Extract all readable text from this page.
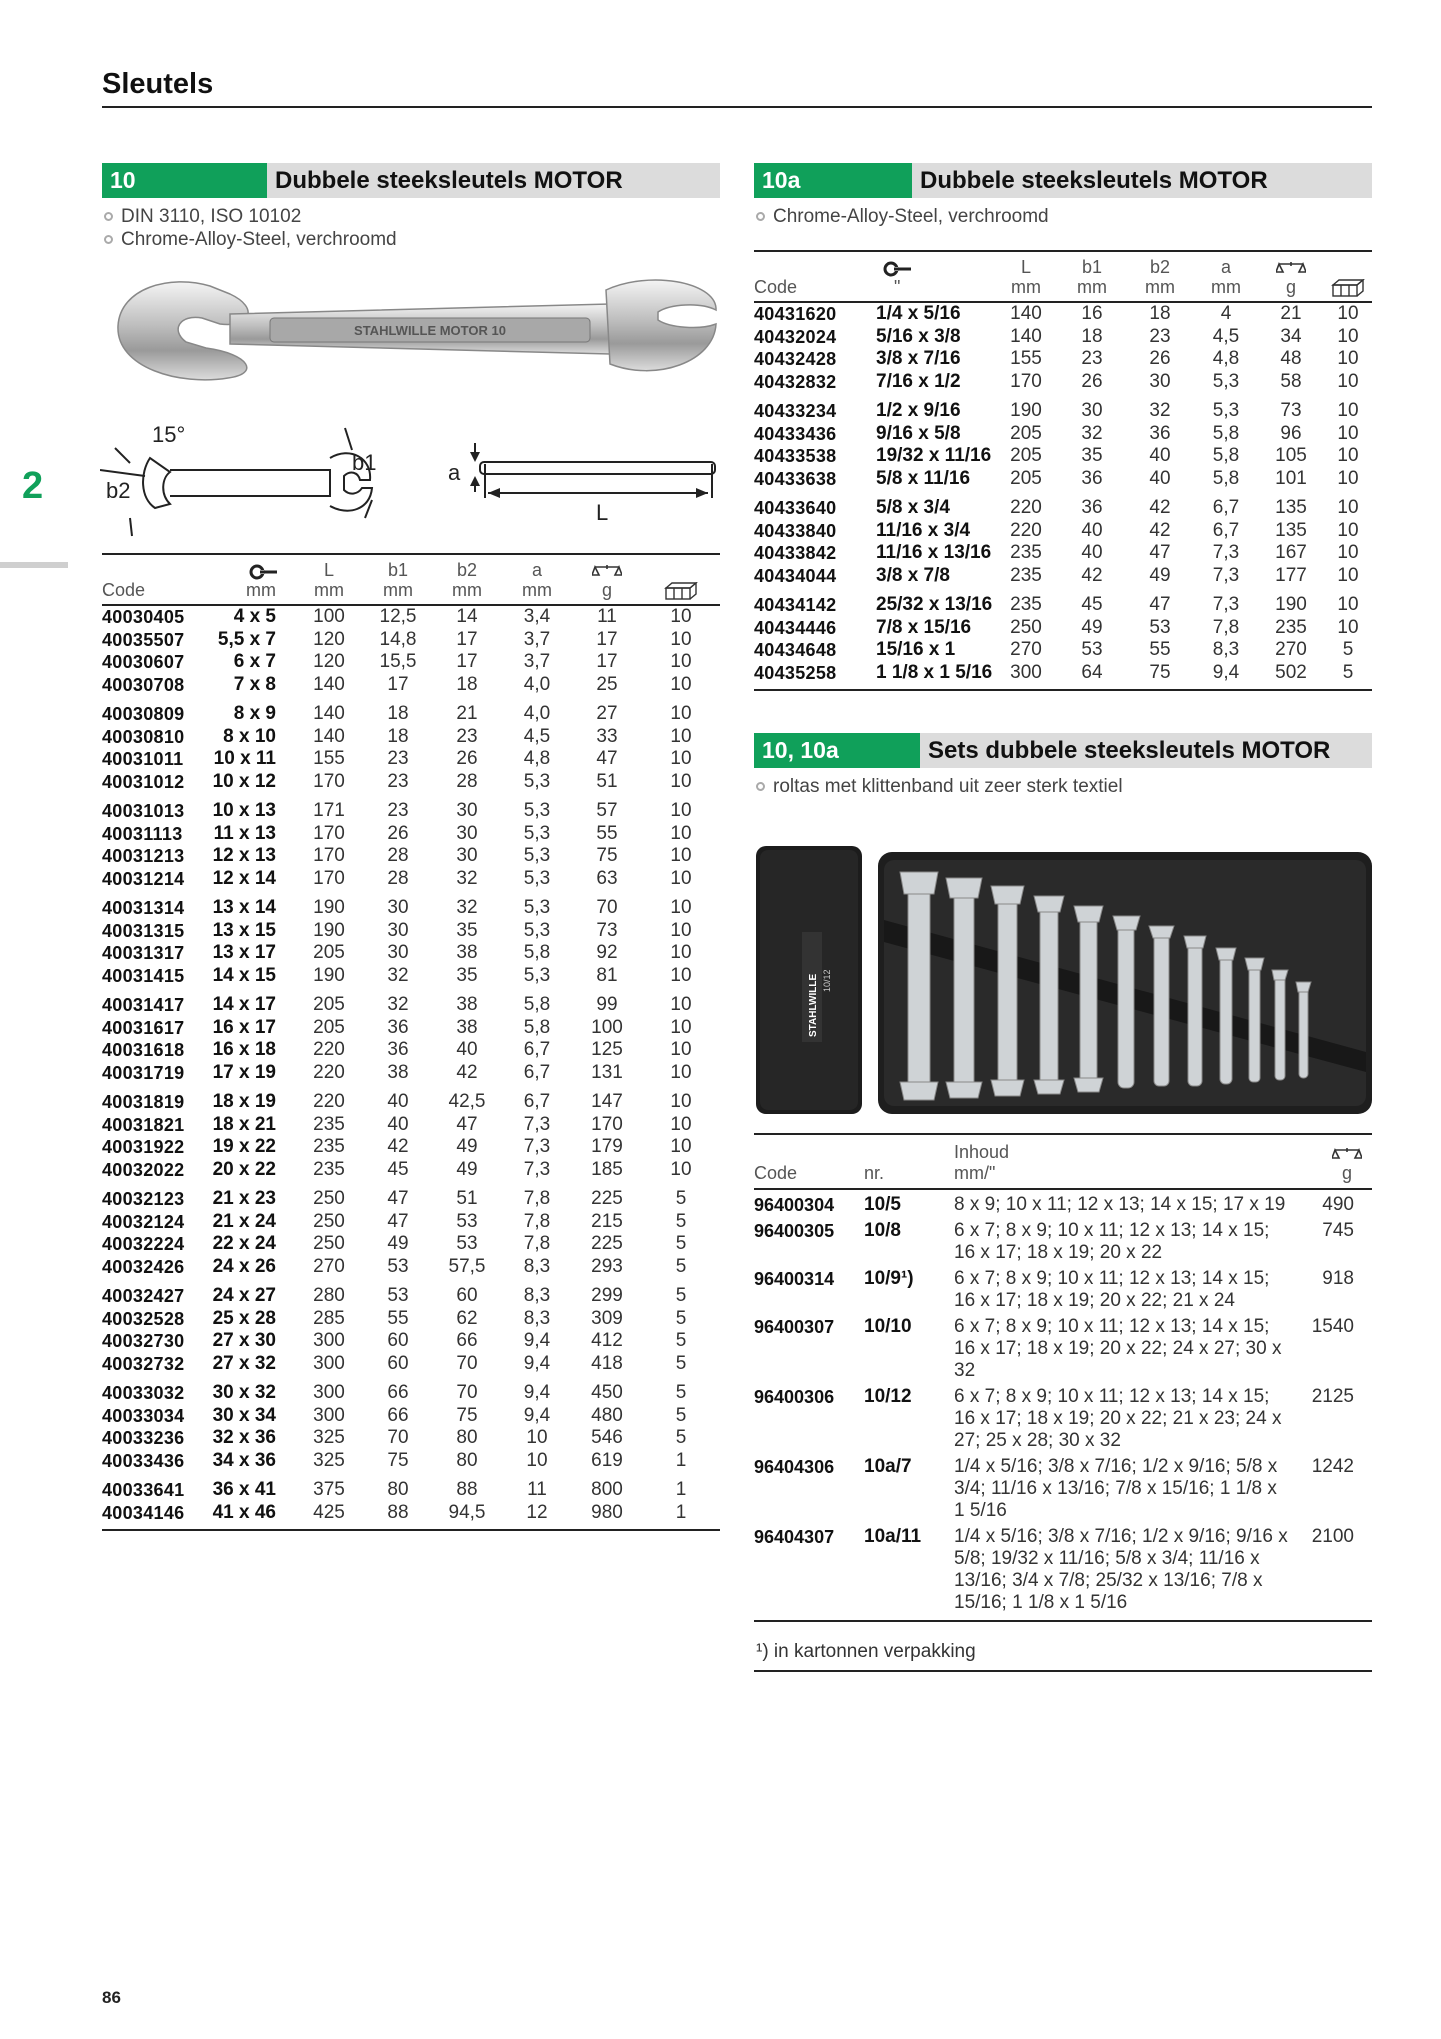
Sleutels
2
10	Dubbele steeksleutels MOTOR
DIN 3110, ISO 10102
Chrome-Alloy-Steel, verchroomd
STAHLWILLE MOTOR 10
15°
b2
b1	a
L
		L	b1	b2	a		
Code	mm	mm	mm	mm	mm	g	
40030405	4 x 5	100	12,5	14	3,4	11	10
40035507	5,5 x 7	120	14,8	17	3,7	17	10
40030607	6 x 7	120	15,5	17	3,7	17	10
40030708	7 x 8	140	17	18	4,0	25	10
40030809	8 x 9	140	18	21	4,0	27	10
40030810	8 x 10	140	18	23	4,5	33	10
40031011	10 x 11	155	23	26	4,8	47	10
40031012	10 x 12	170	23	28	5,3	51	10
40031013	10 x 13	171	23	30	5,3	57	10
40031113	11 x 13	170	26	30	5,3	55	10
40031213	12 x 13	170	28	30	5,3	75	10
40031214	12 x 14	170	28	32	5,3	63	10
40031314	13 x 14	190	30	32	5,3	70	10
40031315	13 x 15	190	30	35	5,3	73	10
40031317	13 x 17	205	30	38	5,8	92	10
40031415	14 x 15	190	32	35	5,3	81	10
40031417	14 x 17	205	32	38	5,8	99	10
40031617	16 x 17	205	36	38	5,8	100	10
40031618	16 x 18	220	36	40	6,7	125	10
40031719	17 x 19	220	38	42	6,7	131	10
40031819	18 x 19	220	40	42,5	6,7	147	10
40031821	18 x 21	235	40	47	7,3	170	10
40031922	19 x 22	235	42	49	7,3	179	10
40032022	20 x 22	235	45	49	7,3	185	10
40032123	21 x 23	250	47	51	7,8	225	5
40032124	21 x 24	250	47	53	7,8	215	5
40032224	22 x 24	250	49	53	7,8	225	5
40032426	24 x 26	270	53	57,5	8,3	293	5
40032427	24 x 27	280	53	60	8,3	299	5
40032528	25 x 28	285	55	62	8,3	309	5
40032730	27 x 30	300	60	66	9,4	412	5
40032732	27 x 32	300	60	70	9,4	418	5
40033032	30 x 32	300	66	70	9,4	450	5
40033034	30 x 34	300	66	75	9,4	480	5
40033236	32 x 36	325	70	80	10	546	5
40033436	34 x 36	325	75	80	10	619	1
40033641	36 x 41	375	80	88	11	800	1
40034146	41 x 46	425	88	94,5	12	980	1
10a	Dubbele steeksleutels MOTOR
Chrome-Alloy-Steel, verchroomd
		L	b1	b2	a		
Code	"	mm	mm	mm	mm	g	
40431620	1/4 x 5/16	140	16	18	4	21	10
40432024	5/16 x 3/8	140	18	23	4,5	34	10
40432428	3/8 x 7/16	155	23	26	4,8	48	10
40432832	7/16 x 1/2	170	26	30	5,3	58	10
40433234	1/2 x 9/16	190	30	32	5,3	73	10
40433436	9/16 x 5/8	205	32	36	5,8	96	10
40433538	19/32 x 11/16	205	35	40	5,8	105	10
40433638	5/8 x 11/16	205	36	40	5,8	101	10
40433640	5/8 x 3/4	220	36	42	6,7	135	10
40433840	11/16 x 3/4	220	40	42	6,7	135	10
40433842	11/16 x 13/16	235	40	47	7,3	167	10
40434044	3/8 x 7/8	235	42	49	7,3	177	10
40434142	25/32 x 13/16	235	45	47	7,3	190	10
40434446	7/8 x 15/16	250	49	53	7,8	235	10
40434648	15/16 x 1	270	53	55	8,3	270	5
40435258	1 1/8 x 1 5/16	300	64	75	9,4	502	5
10, 10a	Sets dubbele steeksleutels MOTOR
roltas met klittenband uit zeer sterk textiel
STAHLWILLE 10/12
Code	nr.	Inhoud
mm/"	g

96400304	10/5	8 x 9; 10 x 11; 12 x 13; 14 x 15; 17 x 19	490
96400305	10/8	6 x 7; 8 x 9; 10 x 11; 12 x 13; 14 x 15; 16 x 17; 18 x 19; 20 x 22	745
96400314	10/9¹)	6 x 7; 8 x 9; 10 x 11; 12 x 13; 14 x 15; 16 x 17; 18 x 19; 20 x 22; 21 x 24	918
96400307	10/10	6 x 7; 8 x 9; 10 x 11; 12 x 13; 14 x 15; 16 x 17; 18 x 19; 20 x 22; 24 x 27; 30 x 32	1540
96400306	10/12	6 x 7; 8 x 9; 10 x 11; 12 x 13; 14 x 15; 16 x 17; 18 x 19; 20 x 22; 21 x 23; 24 x 27; 25 x 28; 30 x 32	2125
96404306	10a/7	1/4 x 5/16; 3/8 x 7/16; 1/2 x 9/16; 5/8 x 3/4; 11/16 x 13/16; 7/8 x 15/16; 1 1/8 x 1 5/16	1242
96404307	10a/11	1/4 x 5/16; 3/8 x 7/16; 1/2 x 9/16; 9/16 x 5/8; 19/32 x 11/16; 5/8 x 3/4; 11/16 x 13/16; 3/4 x 7/8; 25/32 x 13/16; 7/8 x 15/16; 1 1/8 x 1 5/16	2100
¹) in kartonnen verpakking
86
